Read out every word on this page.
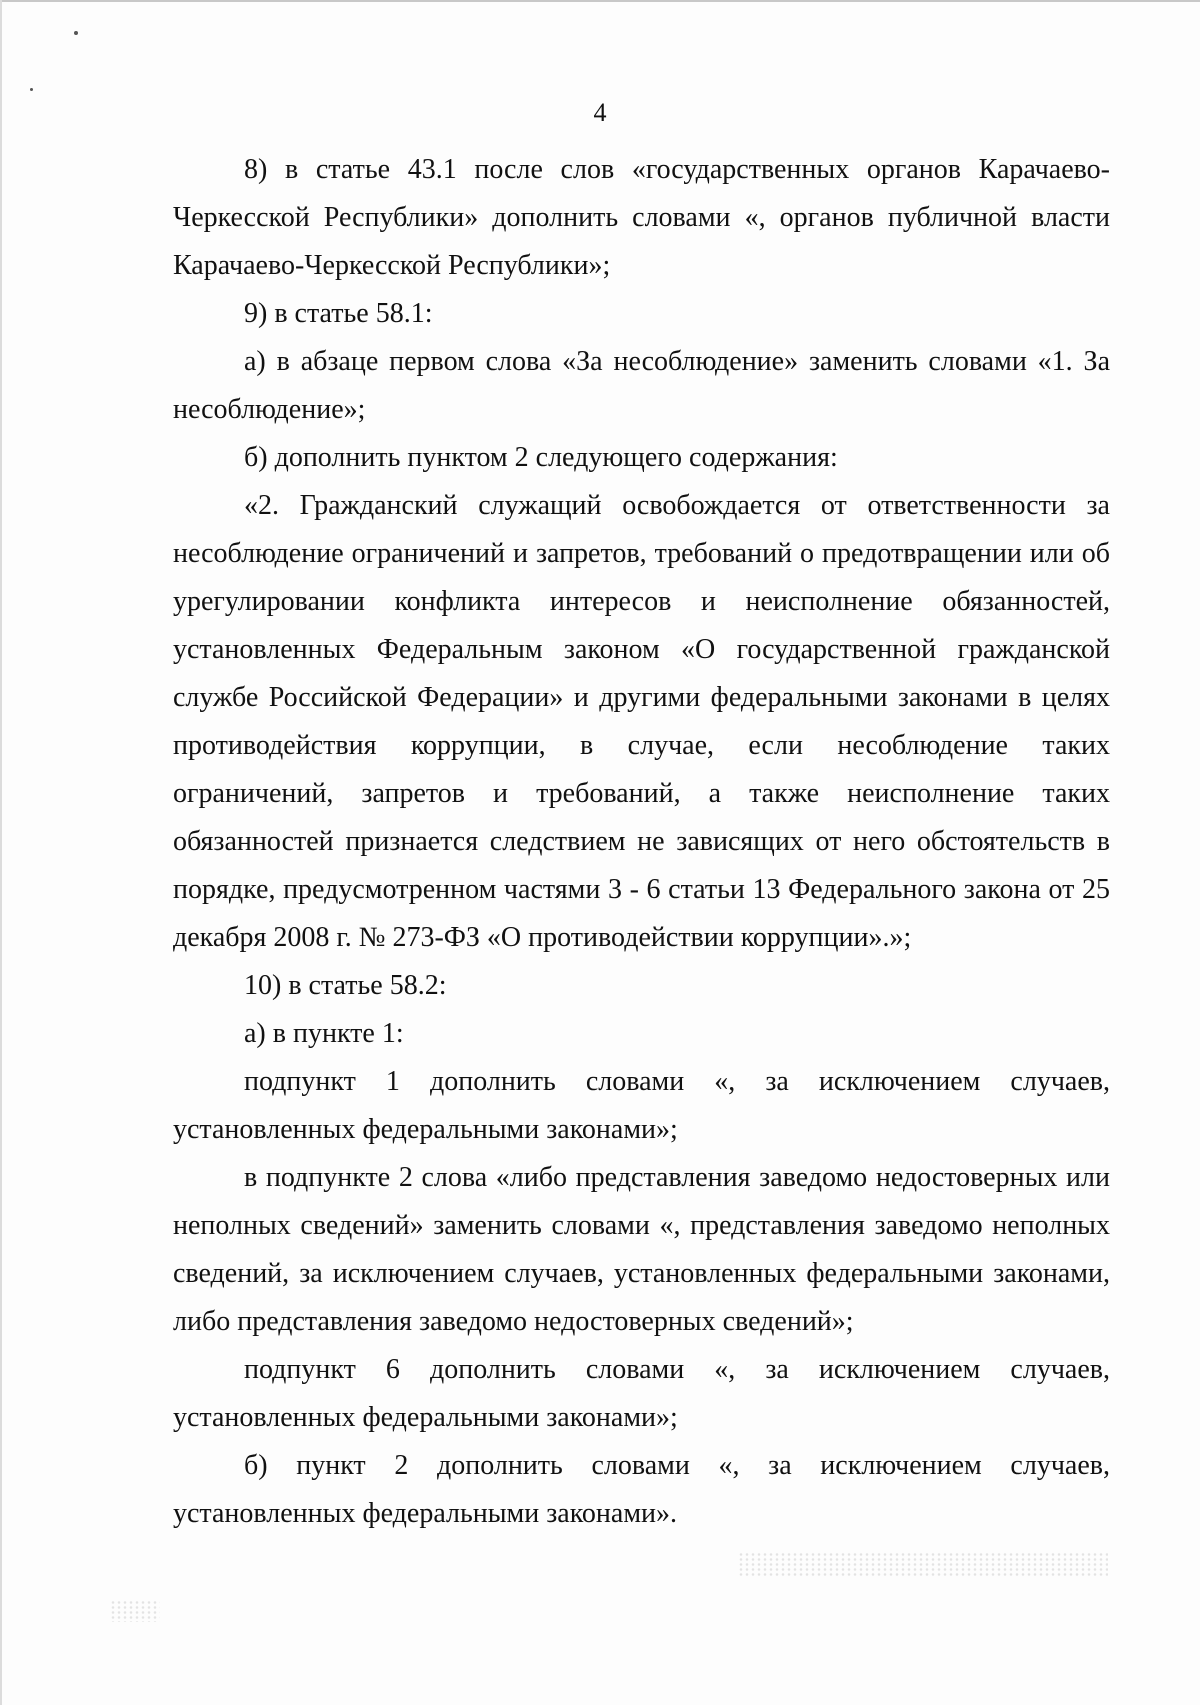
4

8) в статье 43.1 после слов «государственных органов Карачаево-Черкесской Республики» дополнить словами «, органов публичной власти Карачаево-Черкесской Республики»;

9) в статье 58.1:

а) в абзаце первом слова «За несоблюдение» заменить словами «1. За несоблюдение»;

б) дополнить пунктом 2 следующего содержания:

«2. Гражданский служащий освобождается от ответственности за несоблюдение ограничений и запретов, требований о предотвращении или об урегулировании конфликта интересов и неисполнение обязанностей, установленных Федеральным законом «О государственной гражданской службе Российской Федерации» и другими федеральными законами в целях противодействия коррупции, в случае, если несоблюдение таких ограничений, запретов и требований, а также неисполнение таких обязанностей признается следствием не зависящих от него обстоятельств в порядке, предусмотренном частями 3 - 6 статьи 13 Федерального закона от 25 декабря 2008 г. № 273-ФЗ «О противодействии коррупции».»;

10) в статье 58.2:

а) в пункте 1:

подпункт 1 дополнить словами «, за исключением случаев, установленных федеральными законами»;

в подпункте 2 слова «либо представления заведомо недостоверных или неполных сведений» заменить словами «, представления заведомо неполных сведений, за исключением случаев, установленных федеральными законами, либо представления заведомо недостоверных сведений»;

подпункт 6 дополнить словами «, за исключением случаев, установленных федеральными законами»;

б) пункт 2 дополнить словами «, за исключением случаев, установленных федеральными законами».
